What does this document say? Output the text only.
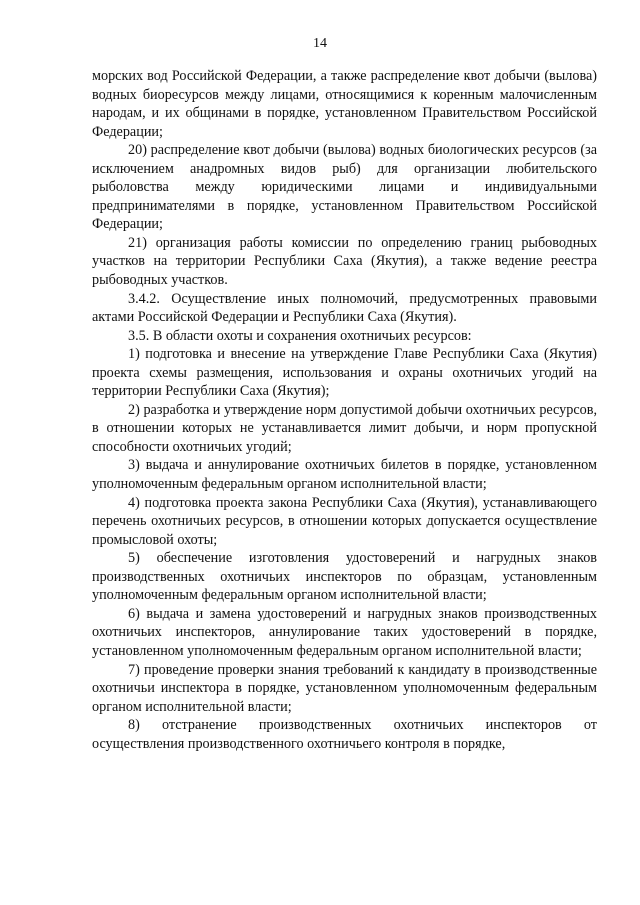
14

морских вод Российской Федерации, а также распределение квот добычи (вылова) водных биоресурсов между лицами, относящимися к коренным малочисленным народам, и их общинами в порядке, установленном Правительством Российской Федерации;

20) распределение квот добычи (вылова) водных биологических ресурсов (за исключением анадромных видов рыб) для организации любительского рыболовства между юридическими лицами и индивидуальными предпринимателями в порядке, установленном Правительством Российской Федерации;

21) организация работы комиссии по определению границ рыбоводных участков на территории Республики Саха (Якутия), а также ведение реестра рыбоводных участков.

3.4.2. Осуществление иных полномочий, предусмотренных правовыми актами Российской Федерации и Республики Саха (Якутия).

3.5. В области охоты и сохранения охотничьих ресурсов:

1) подготовка и внесение на утверждение Главе Республики Саха (Якутия) проекта схемы размещения, использования и охраны охотничьих угодий на территории Республики Саха (Якутия);

2) разработка и утверждение норм допустимой добычи охотничьих ресурсов, в отношении которых не устанавливается лимит добычи, и норм пропускной способности охотничьих угодий;

3) выдача и аннулирование охотничьих билетов в порядке, установленном уполномоченным федеральным органом исполнительной власти;

4) подготовка проекта закона Республики Саха (Якутия), устанавливающего перечень охотничьих ресурсов, в отношении которых допускается осуществление промысловой охоты;

5) обеспечение изготовления удостоверений и нагрудных знаков производственных охотничьих инспекторов по образцам, установленным уполномоченным федеральным органом исполнительной власти;

6) выдача и замена удостоверений и нагрудных знаков производственных охотничьих инспекторов, аннулирование таких удостоверений в порядке, установленном уполномоченным федеральным органом исполнительной власти;

7) проведение проверки знания требований к кандидату в производственные охотничьи инспектора в порядке, установленном уполномоченным федеральным органом исполнительной власти;

8) отстранение производственных охотничьих инспекторов от осуществления производственного охотничьего контроля в порядке,
